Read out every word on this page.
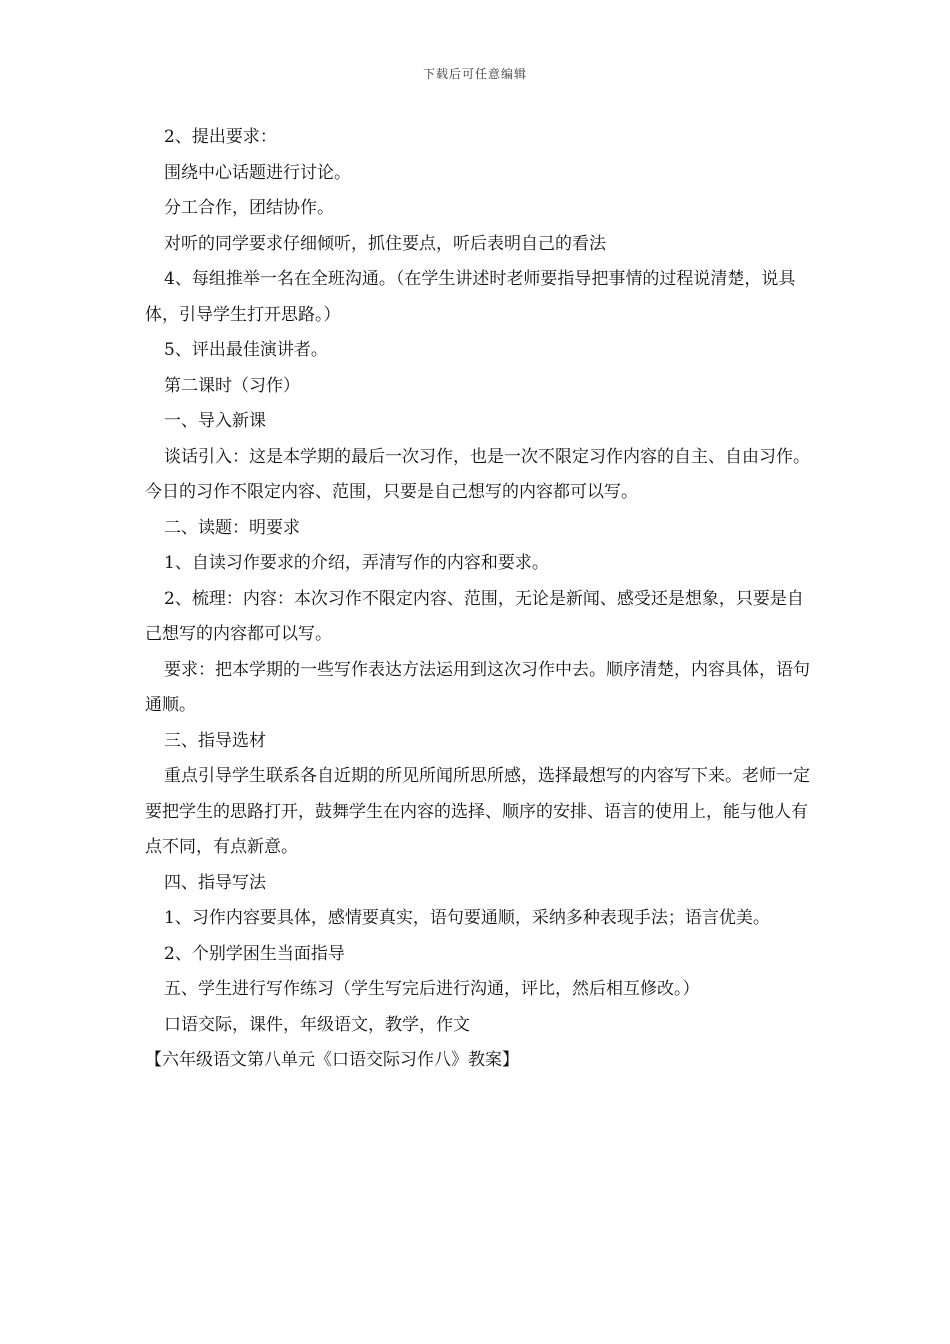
下载后可任意编辑

2、提出要求：

围绕中心话题进行讨论。

分工合作，团结协作。

对听的同学要求仔细倾听，抓住要点，听后表明自己的看法

4、每组推举一名在全班沟通。（在学生讲述时老师要指导把事情的过程说清楚，说具体，引导学生打开思路。）

5、评出最佳演讲者。

第二课时（习作）

一、导入新课

谈话引入：这是本学期的最后一次习作，也是一次不限定习作内容的自主、自由习作。今日的习作不限定内容、范围，只要是自己想写的内容都可以写。

二、读题：明要求

1、自读习作要求的介绍，弄清写作的内容和要求。

2、梳理：内容：本次习作不限定内容、范围，无论是新闻、感受还是想象，只要是自己想写的内容都可以写。

要求：把本学期的一些写作表达方法运用到这次习作中去。顺序清楚，内容具体，语句通顺。

三、指导选材

重点引导学生联系各自近期的所见所闻所思所感，选择最想写的内容写下来。老师一定要把学生的思路打开，鼓舞学生在内容的选择、顺序的安排、语言的使用上，能与他人有点不同，有点新意。

四、指导写法

1、习作内容要具体，感情要真实，语句要通顺，采纳多种表现手法；语言优美。

2、个别学困生当面指导

五、学生进行写作练习（学生写完后进行沟通，评比，然后相互修改。）

口语交际，课件，年级语文，教学，作文

【六年级语文第八单元《口语交际习作八》教案】
